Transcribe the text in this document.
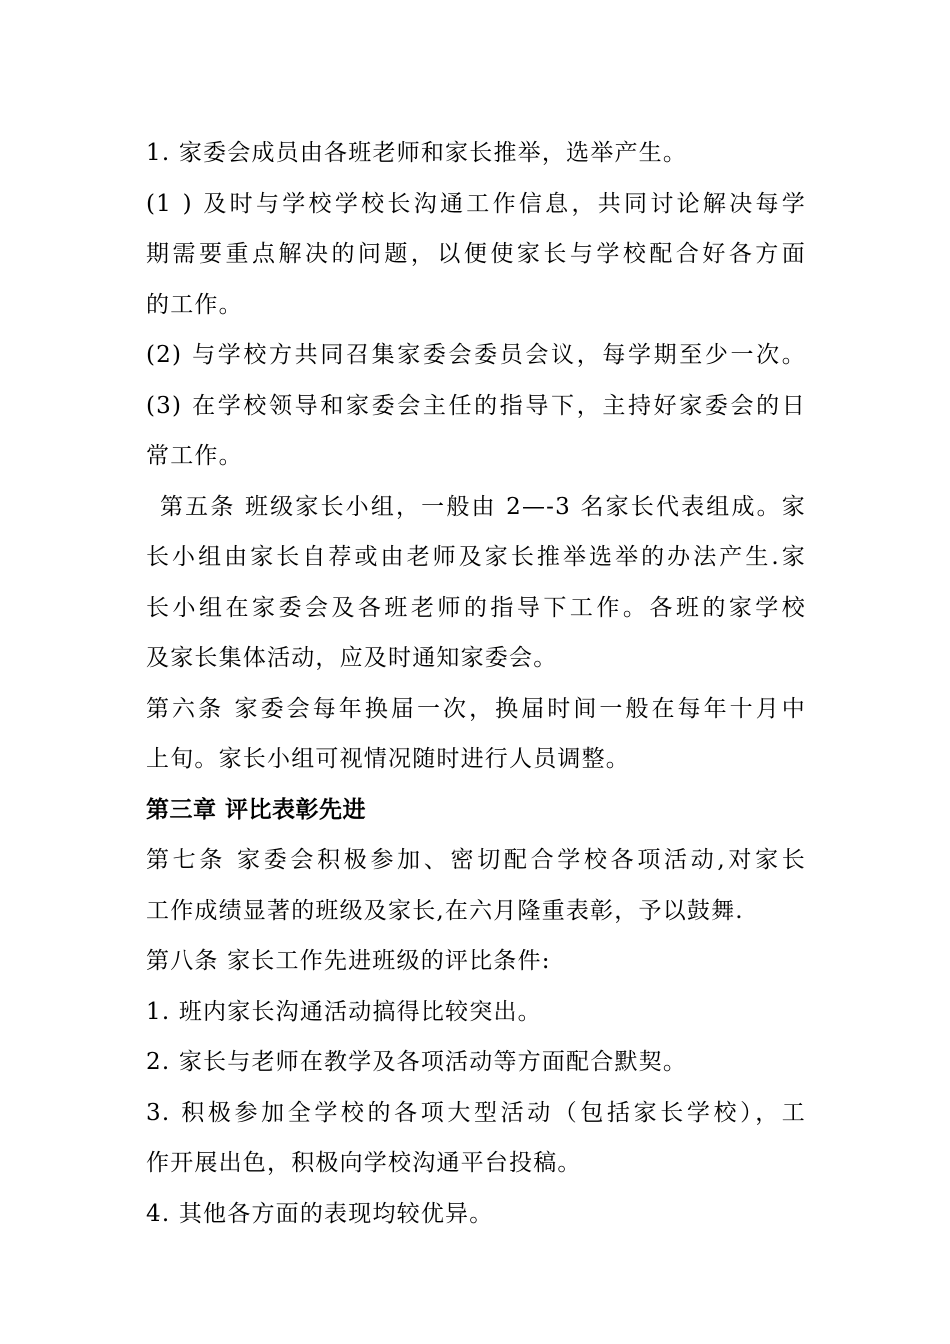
1. 家委会成员由各班老师和家长推举，选举产生。
(1 ) 及时与学校学校长沟通工作信息，共同讨论解决每学
期需要重点解决的问题，以便使家长与学校配合好各方面
的工作。
(2) 与学校方共同召集家委会委员会议，每学期至少一次。
(3) 在学校领导和家委会主任的指导下，主持好家委会的日
常工作。
第五条 班级家长小组，一般由 2—-3 名家长代表组成。家
长小组由家长自荐或由老师及家长推举选举的办法产生.家
长小组在家委会及各班老师的指导下工作。各班的家学校
及家长集体活动，应及时通知家委会。
第六条 家委会每年换届一次，换届时间一般在每年十月中
上旬。家长小组可视情况随时进行人员调整。
第三章 评比表彰先进
第七条 家委会积极参加、密切配合学校各项活动,对家长
工作成绩显著的班级及家长,在六月隆重表彰，予以鼓舞.
第八条 家长工作先进班级的评比条件:
1. 班内家长沟通活动搞得比较突出。
2. 家长与老师在教学及各项活动等方面配合默契。
3. 积极参加全学校的各项大型活动（包括家长学校），工
作开展出色，积极向学校沟通平台投稿。
4. 其他各方面的表现均较优异。
